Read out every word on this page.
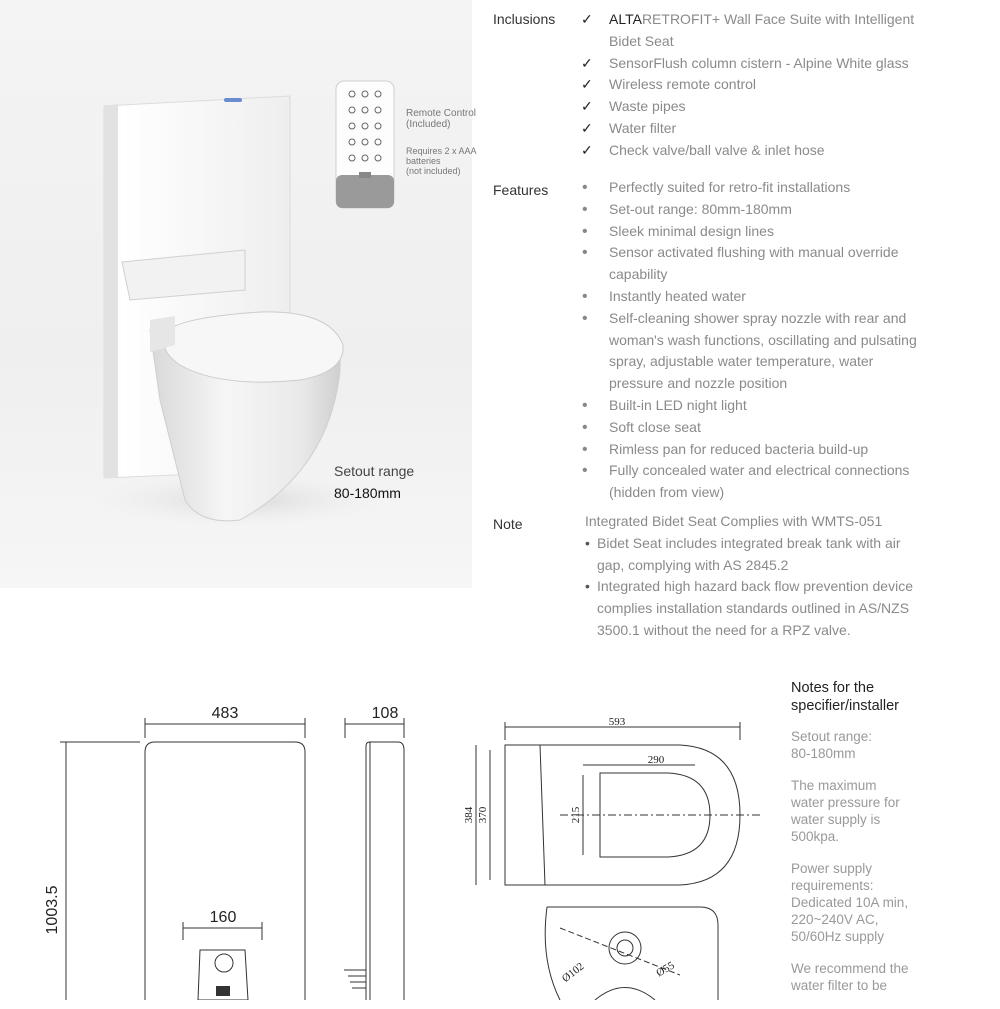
Remote Control
(Included)
Requires 2 x AAA
batteries
(not included)
Setout range
80-180mm
Inclusions	✓ ALTARETROFIT+ Wall Face Suite with Intelligent Bidet Seat
✓ SensorFlush column cistern - Alpine White glass
✓ Wireless remote control
✓ Waste pipes
✓ Water filter
✓ Check valve/ball valve & inlet hose
Features	• Perfectly suited for retro-fit installations
• Set-out range: 80mm-180mm
• Sleek minimal design lines
• Sensor activated flushing with manual override capability
• Instantly heated water
• Self-cleaning shower spray nozzle with rear and woman's wash functions, oscillating and pulsating spray, adjustable water temperature, water pressure and nozzle position
• Built-in LED night light
• Soft close seat
• Rimless pan for reduced bacteria build-up
• Fully concealed water and electrical connections (hidden from view)
Note	Integrated Bidet Seat Complies with WMTS-051
• Bidet Seat includes integrated break tank with air gap, complying with AS 2845.2
• Integrated high hazard back flow prevention device complies installation standards outlined in AS/NZS 3500.1 without the need for a RPZ valve.
Notes for the specifier/installer

Setout range:
80-180mm

The maximum
water pressure for
water supply is
500kpa.

Power supply
requirements:
Dedicated 10A min,
220~240V AC,
50/60Hz supply

We recommend the
water filter to be

483	108
1003.5	160
593
290
384 370	215
Ø102	Ø55
